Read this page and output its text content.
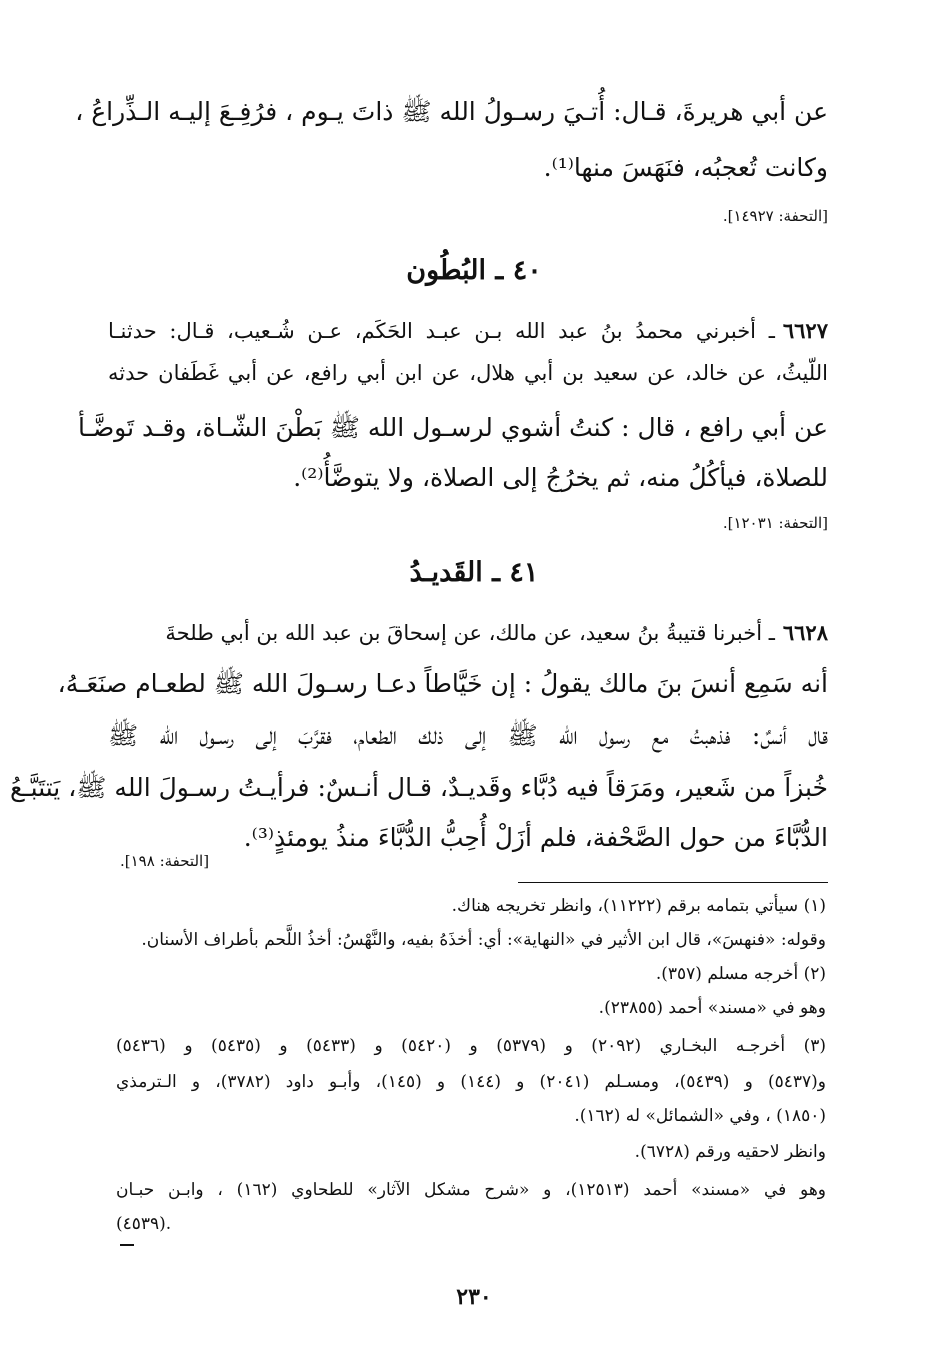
عن أبي هريرةَ، قـال: أُتـيَ رسـولُ الله ﷺ ذاتَ يـوم ، فرُفِـعَ إليـه الـذِّراعُ ،
وكانت تُعجبُه، فنَهَسَ منها⁽¹⁾.
[التحفة: ١٤٩٢٧].
٤٠ ـ البُطُون
٦٦٢٧
ـ أخبرني محمدُ بنُ عبد الله بـن عبـد الحَكَم، عـن شُـعيب، قـال: حدثنـا
اللّيثُ، عن خالد، عن سعيد بن أبي هلال، عن ابن أبي رافع، عن أبي غَطَفان حدثه
عن أبي رافع ، قال : كنتُ أشوي لرسـول الله ﷺ بَطْنَ الشّـاة، وقـد تَوضَّـأ
للصلاة، فيأكُلُ منه، ثم يخرُجُ إلى الصلاة، ولا يتوضَّأُ⁽²⁾.
[التحفة: ١٢٠٣١].
٤١ ـ القَديـدُ
٦٦٢٨
ـ أخبرنا قتيبةُ بنُ سعيد، عن مالك، عن إسحاقَ بن عبد الله بن أبي طلحةَ
أنه سَمِع أنسَ بنَ مالك يقولُ : إن خَيَّاطاً دعـا رسـولَ الله ﷺ لطعـام صنَعَـهُ،
قال أنسٌ: فذهبتُ مع رسول الله ﷺ إلى ذلك الطعام، فقرَّبَ إلى رسـول الله ﷺ
خُبزاً من شَعير، ومَرَقاً فيه دُبَّاء وقَديـدٌ، قـال أنـسٌ: فرأيـتُ رسـولَ الله ﷺ، يَتتَبَّـعُ
الدُّبَّاءَ من حول الصَّحْفة، فلم أزَلْ أُحِبُّ الدُّبَّاءَ منذُ يومئذٍ⁽³⁾.
[التحفة: ١٩٨].
(١) سيأتي بتمامه برقم (١١٢٢٢)، وانظر تخريجه هناك.
وقوله: «فنهسَ»، قال ابن الأثير في «النهاية»: أي: أخذَهُ بفيه، والنَّهْسُ: أخذُ اللَّحم بأطراف الأسنان.
(٢) أخرجه مسلم (٣٥٧).
وهو في «مسند» أحمد (٢٣٨٥٥).
(٣) أخرجـه البخـاري (٢٠٩٢) و (٥٣٧٩) و (٥٤٢٠) و (٥٤٣٣) و (٥٤٣٥) و (٥٤٣٦)
و(٥٤٣٧) و (٥٤٣٩)، ومسـلم (٢٠٤١) و (١٤٤) و (١٤٥)، وأبـو داود (٣٧٨٢)، و الـترمذي
(١٨٥٠) ، وفي «الشمائل» له (١٦٢).
وانظر لاحقيه ورقم (٦٧٢٨).
وهو في «مسند» أحمد (١٢٥١٣)، و «شرح مشكل الآثار» للطحاوي (١٦٢) ، وابـن حبـان
(٤٥٣٩).
٢٣٠
